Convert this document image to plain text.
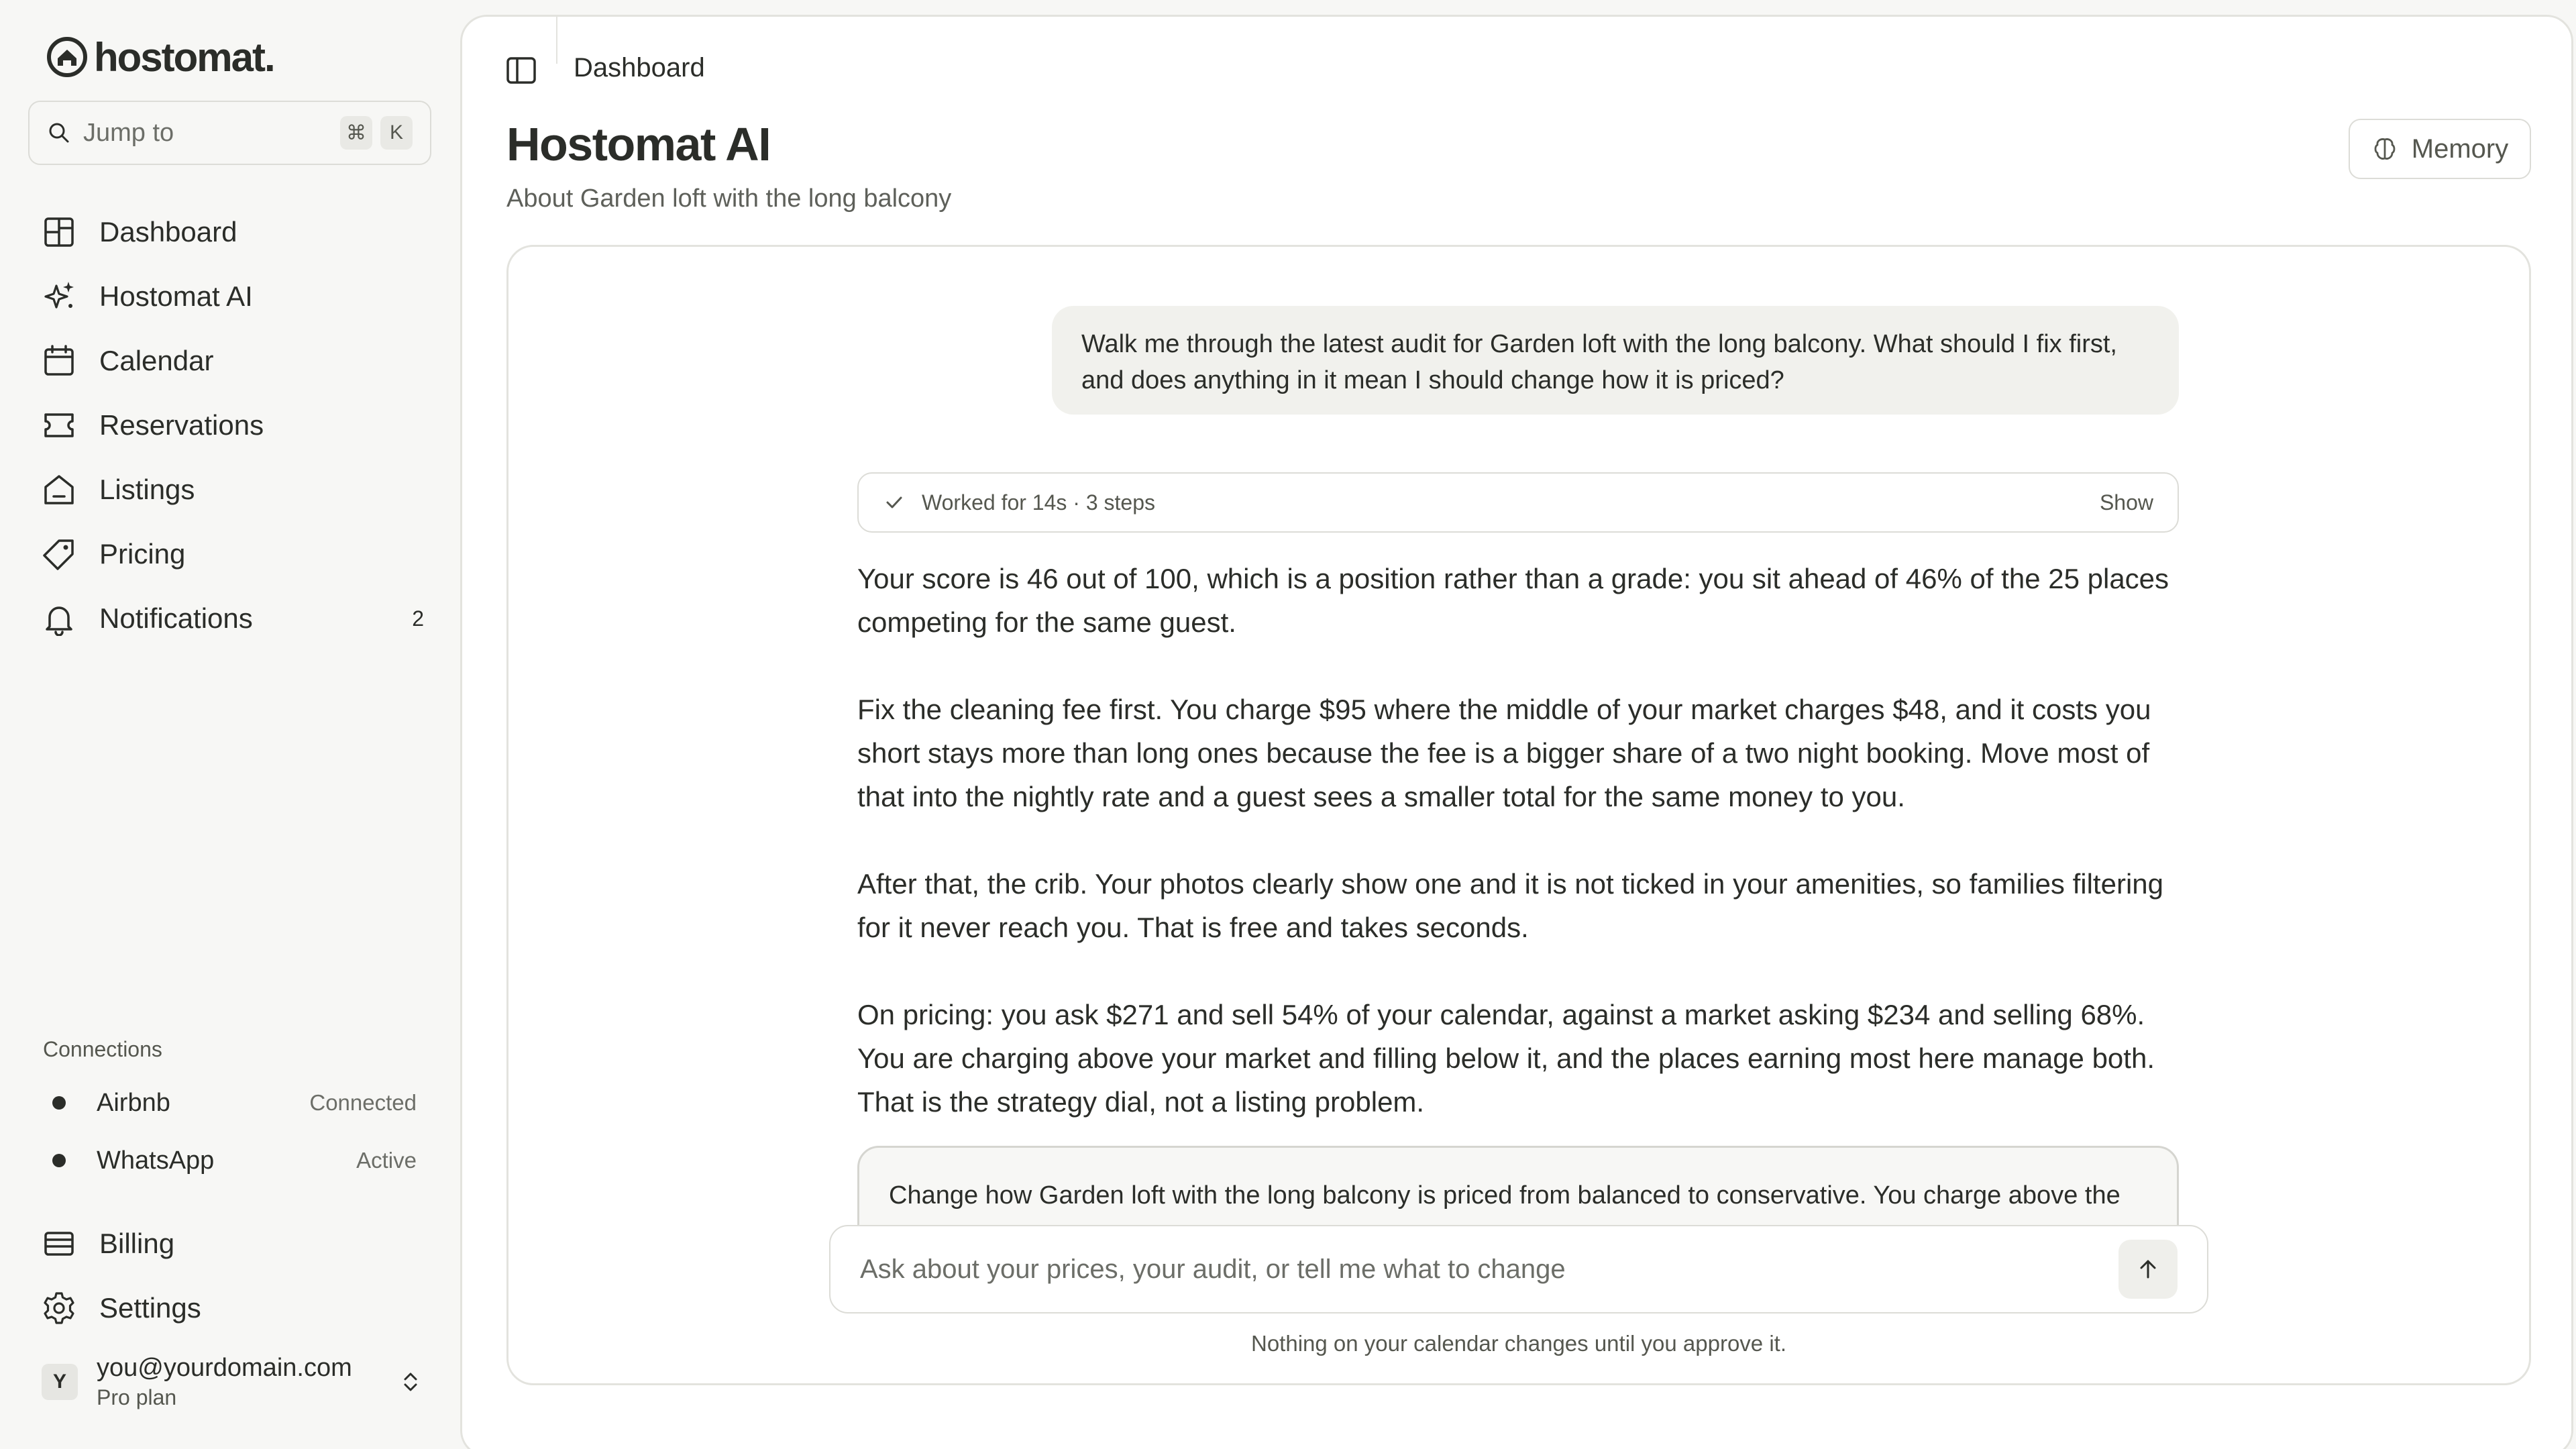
hostomat.
Jump to	⌘	K
Dashboard
Hostomat AI
Calendar
Reservations
Listings
Pricing
Notifications	2
Connections
Airbnb	Connected
WhatsApp	Active
Billing
Settings
Y	you@yourdomain.com
Pro plan
Dashboard
Hostomat AI
About Garden loft with the long balcony
Memory
Walk me through the latest audit for Garden loft with the long balcony. What should I fix first, and does anything in it mean I should change how it is priced?
Worked for 14s · 3 steps	Show

Your score is 46 out of 100, which is a position rather than a grade: you sit ahead of 46% of the 25 places competing for the same guest.

Fix the cleaning fee first. You charge $95 where the middle of your market charges $48, and it costs you short stays more than long ones because the fee is a bigger share of a two night booking. Move most of that into the nightly rate and a guest sees a smaller total for the same money to you.

After that, the crib. Your photos clearly show one and it is not ticked in your amenities, so families filtering for it never reach you. That is free and takes seconds.

On pricing: you ask $271 and sell 54% of your calendar, against a market asking $234 and selling 68%. You are charging above your market and filling below it, and the places earning most here manage both. That is the strategy dial, not a listing problem.

Change how Garden loft with the long balcony is priced from balanced to conservative. You charge above the
Ask about your prices, your audit, or tell me what to change
Nothing on your calendar changes until you approve it.
